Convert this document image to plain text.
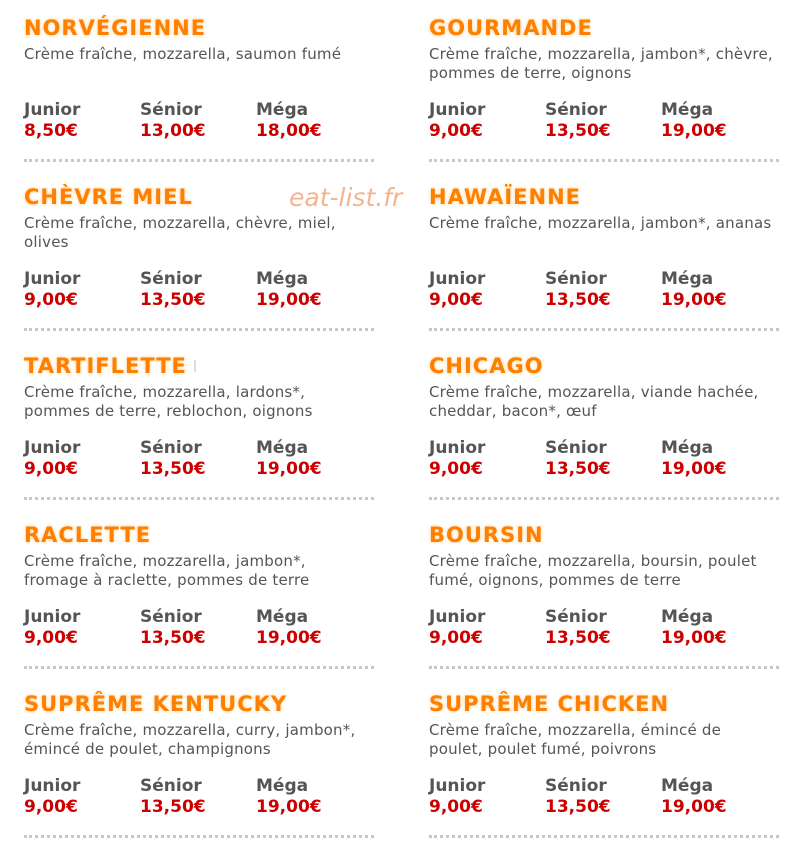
NORVÉGIENNE
Crème fraîche, mozzarella, saumon fumé
Junior
8,50€
Sénior
13,00€
Méga
18,00€
GOURMANDE
Crème fraîche, mozzarella, jambon*, chèvre, pommes de terre, oignons
Junior
9,00€
Sénior
13,50€
Méga
19,00€
CHÈVRE MIEL
Crème fraîche, mozzarella, chèvre, miel, olives
Junior
9,00€
Sénior
13,50€
Méga
19,00€
HAWAÏENNE
Crème fraîche, mozzarella, jambon*, ananas
Junior
9,00€
Sénior
13,50€
Méga
19,00€
TARTIFLETTE
Crème fraîche, mozzarella, lardons*, pommes de terre, reblochon, oignons
Junior
9,00€
Sénior
13,50€
Méga
19,00€
CHICAGO
Crème fraîche, mozzarella, viande hachée, cheddar, bacon*, œuf
Junior
9,00€
Sénior
13,50€
Méga
19,00€
RACLETTE
Crème fraîche, mozzarella, jambon*, fromage à raclette, pommes de terre
Junior
9,00€
Sénior
13,50€
Méga
19,00€
BOURSIN
Crème fraîche, mozzarella, boursin, poulet fumé, oignons, pommes de terre
Junior
9,00€
Sénior
13,50€
Méga
19,00€
SUPRÊME KENTUCKY
Crème fraîche, mozzarella, curry, jambon*, émincé de poulet, champignons
Junior
9,00€
Sénior
13,50€
Méga
19,00€
SUPRÊME CHICKEN
Crème fraîche, mozzarella, émincé de poulet, poulet fumé, poivrons
Junior
9,00€
Sénior
13,50€
Méga
19,00€
eat-list.fr
